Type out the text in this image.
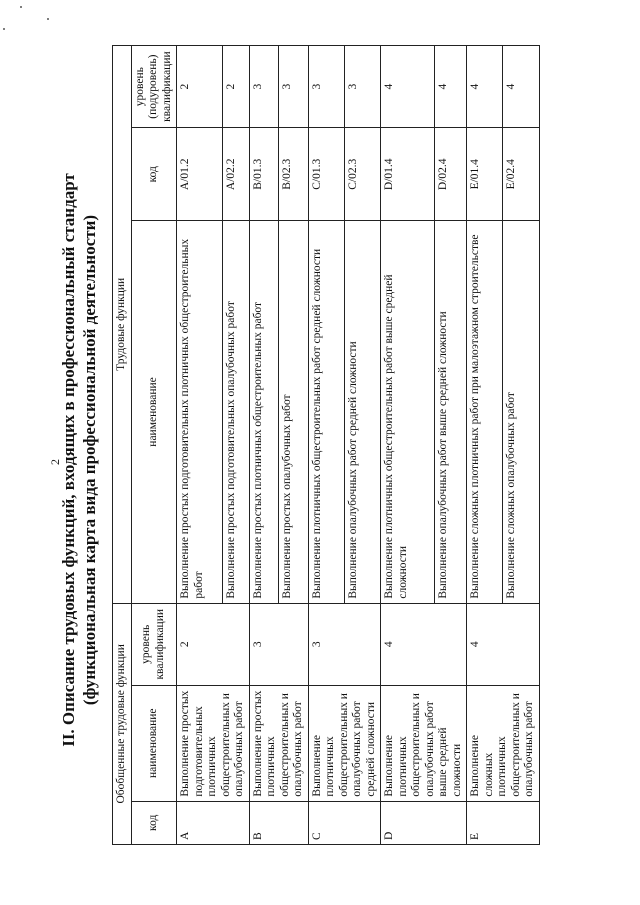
2
II. Описание трудовых функций, входящих в профессиональный стандарт (функциональная карта вида профессиональной деятельности)
Обобщенные трудовые функции			Трудовые функции		
код	наименование	уровень квалификации	наименование	код	уровень (подуровень) квалификации
A	Выполнение простых подготовительных плотничных общестроительных и опалубочных работ	2	Выполнение простых подготовительных плотничных общестроительных работ	A/01.2	2
			Выполнение простых подготовительных опалубочных работ	A/02.2	2
B	Выполнение простых плотничных общестроительных и опалубочных работ	3	Выполнение простых плотничных общестроительных работ	B/01.3	3
			Выполнение простых опалубочных работ	B/02.3	3
C	Выполнение плотничных общестроительных и опалубочных работ средней сложности	3	Выполнение плотничных общестроительных работ средней сложности	C/01.3	3
			Выполнение опалубочных работ средней сложности	C/02.3	3
D	Выполнение плотничных общестроительных и опалубочных работ выше средней сложности	4	Выполнение плотничных общестроительных работ выше средней сложности	D/01.4	4
			Выполнение опалубочных работ выше средней сложности	D/02.4	4
E	Выполнение сложных плотничных общестроительных и опалубочных работ	4	Выполнение сложных плотничных работ при малоэтажном строительстве	E/01.4	4
			Выполнение сложных опалубочных работ	E/02.4	4
